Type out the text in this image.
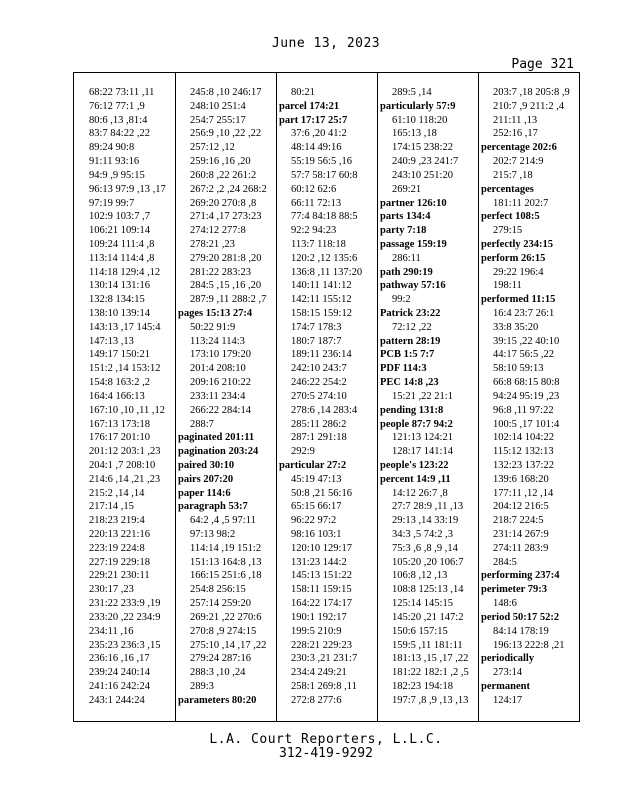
June 13, 2023
Page 321
68:22 73:11 ,11
76:12 77:1 ,9
80:6 ,13 ,81:4
83:7 84:22 ,22
89:24 90:8
91:11 93:16
94:9 ,9 95:15
96:13 97:9 ,13 ,17
97:19 99:7
102:9 103:7 ,7
106:21 109:14
109:24 111:4 ,8
113:14 114:4 ,8
114:18 129:4 ,12
130:14 131:16
132:8 134:15
138:10 139:14
143:13 ,17 145:4
147:13 ,13
149:17 150:21
151:2 ,14 153:12
154:8 163:2 ,2
164:4 166:13
167:10 ,10 ,11 ,12
167:13 173:18
176:17 201:10
201:12 203:1 ,23
204:1 ,7 208:10
214:6 ,14 ,21 ,23
215:2 ,14 ,14
217:14 ,15
218:23 219:4
220:13 221:16
223:19 224:8
227:19 229:18
229:21 230:11
230:17 ,23
231:22 233:9 ,19
233:20 ,22 234:9
234:11 ,16
235:23 236:3 ,15
236:16 ,16 ,17
239:24 240:14
241:16 242:24
243:1 244:24
245:8 ,10 246:17
248:10 251:4
254:7 255:17
256:9 ,10 ,22 ,22
257:12 ,12
259:16 ,16 ,20
260:8 ,22 261:2
267:2 ,2 ,24 268:2
269:20 270:8 ,8
271:4 ,17 273:23
274:12 277:8
278:21 ,23
279:20 281:8 ,20
281:22 283:23
284:5 ,15 ,16 ,20
287:9 ,11 288:2 ,7
pages 15:13 27:4
50:22 91:9
113:24 114:3
173:10 179:20
201:4 208:10
209:16 210:22
233:11 234:4
266:22 284:14
288:7
paginated 201:11
pagination 203:24
paired 30:10
pairs 207:20
paper 114:6
paragraph 53:7
64:2 ,4 ,5 97:11
97:13 98:2
114:14 ,19 151:2
151:13 164:8 ,13
166:15 251:6 ,18
254:8 256:15
257:14 259:20
269:21 ,22 270:6
270:8 ,9 274:15
275:10 ,14 ,17 ,22
279:24 287:16
288:3 ,10 ,24
289:3
parameters 80:20
80:21
parcel 174:21
part 17:17 25:7
37:6 ,20 41:2
48:14 49:16
55:19 56:5 ,16
57:7 58:17 60:8
60:12 62:6
66:11 72:13
77:4 84:18 88:5
92:2 94:23
113:7 118:18
120:2 ,12 135:6
136:8 ,11 137:20
140:11 141:12
142:11 155:12
158:15 159:12
174:7 178:3
180:7 187:7
189:11 236:14
242:10 243:7
246:22 254:2
270:5 274:10
278:6 ,14 283:4
285:11 286:2
287:1 291:18
292:9
particular 27:2
45:19 47:13
50:8 ,21 56:16
65:15 66:17
96:22 97:2
98:16 103:1
120:10 129:17
131:23 144:2
145:13 151:22
158:11 159:15
164:22 174:17
190:1 192:17
199:5 210:9
228:21 229:23
230:3 ,21 231:7
234:4 249:21
258:1 269:8 ,11
272:8 277:6
289:5 ,14
particularly 57:9
61:10 118:20
165:13 ,18
174:15 238:22
240:9 ,23 241:7
243:10 251:20
269:21
partner 126:10
parts 134:4
party 7:18
passage 159:19
286:11
path 290:19
pathway 57:16
99:2
Patrick 23:22
72:12 ,22
pattern 28:19
PCB 1:5 7:7
PDF 114:3
PEC 14:8 ,23
15:21 ,22 21:1
pending 131:8
people 87:7 94:2
121:13 124:21
128:17 141:14
people's 123:22
percent 14:9 ,11
14:12 26:7 ,8
27:7 28:9 ,11 ,13
29:13 ,14 33:19
34:3 ,5 74:2 ,3
75:3 ,6 ,8 ,9 ,14
105:20 ,20 106:7
106:8 ,12 ,13
108:8 125:13 ,14
125:14 145:15
145:20 ,21 147:2
150:6 157:15
159:5 ,11 181:11
181:13 ,15 ,17 ,22
181:22 182:1 ,2 ,5
182:23 194:18
197:7 ,8 ,9 ,13 ,13
203:7 ,18 205:8 ,9
210:7 ,9 211:2 ,4
211:11 ,13
252:16 ,17
percentage 202:6
202:7 214:9
215:7 ,18
percentages
181:11 202:7
perfect 108:5
279:15
perfectly 234:15
perform 26:15
29:22 196:4
198:11
performed 11:15
16:4 23:7 26:1
33:8 35:20
39:15 ,22 40:10
44:17 56:5 ,22
58:10 59:13
66:8 68:15 80:8
94:24 95:19 ,23
96:8 ,11 97:22
100:5 ,17 101:4
102:14 104:22
115:12 132:13
132:23 137:22
139:6 168:20
177:11 ,12 ,14
204:12 216:5
218:7 224:5
231:14 267:9
274:11 283:9
284:5
performing 237:4
perimeter 79:3
148:6
period 50:17 52:2
84:14 178:19
196:13 222:8 ,21
periodically
273:14
permanent
124:17
L.A. Court Reporters, L.L.C.
312-419-9292
